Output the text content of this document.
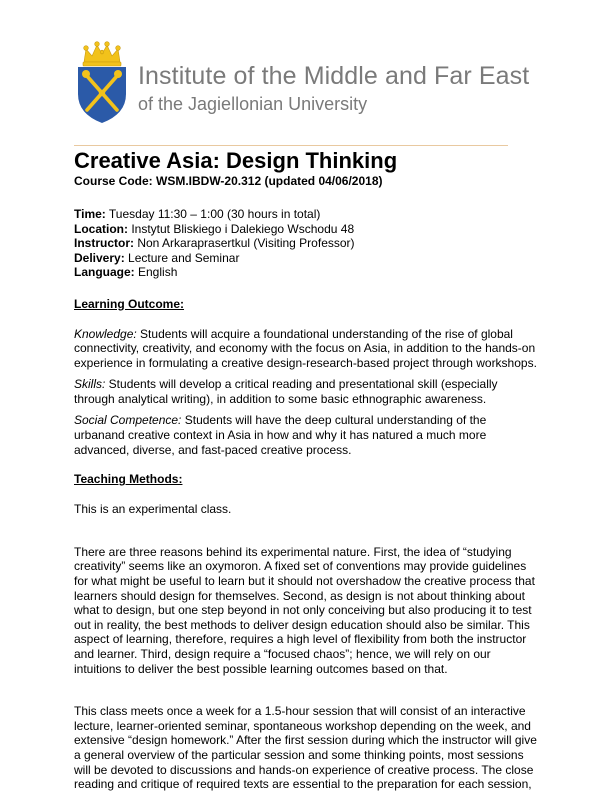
Institute of the Middle and Far East
of the Jagiellonian University
Creative Asia: Design Thinking
Course Code: WSM.IBDW-20.312 (updated 04/06/2018)
Time: Tuesday 11:30 – 1:00 (30 hours in total)
Location: Instytut Bliskiego i Dalekiego Wschodu 48
Instructor: Non Arkaraprasertkul (Visiting Professor)
Delivery: Lecture and Seminar
Language: English
Learning Outcome:

Knowledge: Students will acquire a foundational understanding of the rise of global connectivity, creativity, and economy with the focus on Asia, in addition to the hands-on experience in formulating a creative design-research-based project through workshops.

Skills: Students will develop a critical reading and presentational skill (especially through analytical writing), in addition to some basic ethnographic awareness.

Social Competence: Students will have the deep cultural understanding of the urbanand creative context in Asia in how and why it has natured a much more advanced, diverse, and fast-paced creative process.

Teaching Methods:

This is an experimental class.

There are three reasons behind its experimental nature. First, the idea of “studying creativity” seems like an oxymoron. A fixed set of conventions may provide guidelines for what might be useful to learn but it should not overshadow the creative process that learners should design for themselves. Second, as design is not about thinking about what to design, but one step beyond in not only conceiving but also producing it to test out in reality, the best methods to deliver design education should also be similar. This aspect of learning, therefore, requires a high level of flexibility from both the instructor and learner. Third, design require a “focused chaos”; hence, we will rely on our intuitions to deliver the best possible learning outcomes based on that.

This class meets once a week for a 1.5-hour session that will consist of an interactive lecture, learner-oriented seminar, spontaneous workshop depending on the week, and extensive “design homework.” After the first session during which the instructor will give a general overview of the particular session and some thinking points, most sessions will be devoted to discussions and hands-on experience of creative process. The close reading and critique of required texts are essential to the preparation for each session,
